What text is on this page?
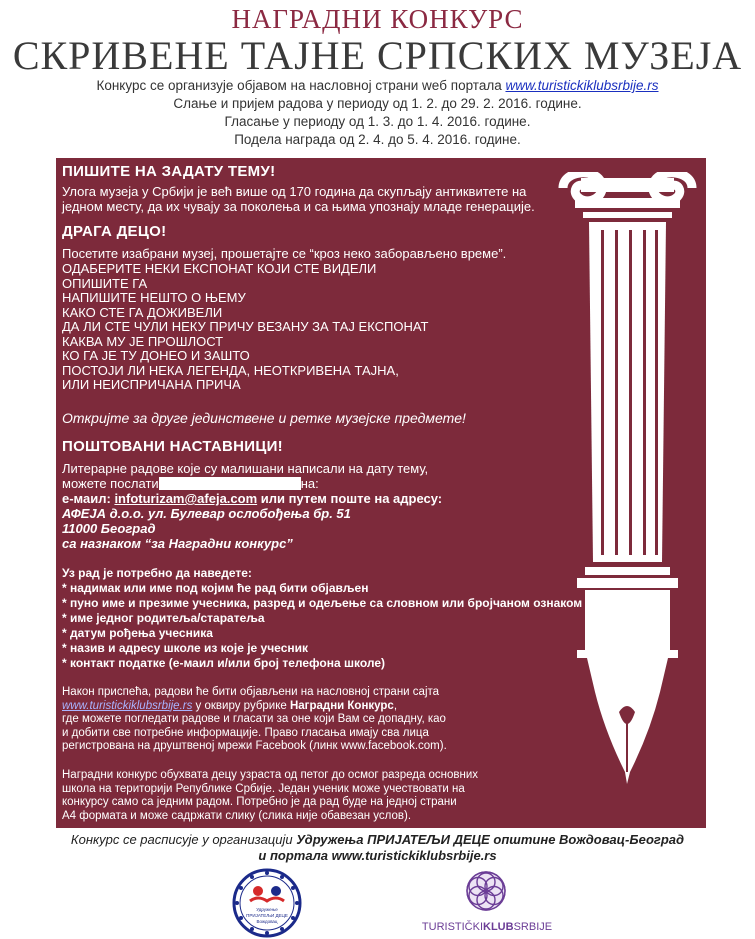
НАГРАДНИ КОНКУРС
СКРИВЕНЕ ТАЈНЕ СРПСКИХ МУЗЕЈА
Конкурс се организује објавом на насловној страни weб портала www.turistickiklubsrbije.rs
Слање и пријем радова у периоду од 1. 2. до 29. 2. 2016. године.
Гласање у периоду од 1. 3. до 1. 4. 2016. године.
Подела награда од 2. 4. до 5. 4. 2016. године.
ПИШИТЕ НА ЗАДАТУ ТЕМУ!
Улога музеја у Србији је већ више од 170 година да скупљају антиквитете на
једном месту, да их чувају за поколења и са њима упознају младе генерације.
ДРАГА ДЕЦО!
Посетите изабрани музеј, прошетајте се “кроз неко заборављено време”.
ОДАБЕРИТЕ НЕКИ ЕКСПОНАТ КОЈИ СТЕ ВИДЕЛИ
ОПИШИТЕ ГА
НАПИШИТЕ НЕШТО О ЊЕМУ
КАКО СТЕ ГА ДОЖИВЕЛИ
ДА ЛИ СТЕ ЧУЛИ НЕКУ ПРИЧУ ВЕЗАНУ ЗА ТАЈ ЕКСПОНАТ
КАКВА МУ ЈЕ ПРОШЛОСТ
КО ГА ЈЕ ТУ ДОНЕО И ЗАШТО
ПОСТОЈИ ЛИ НЕКА ЛЕГЕНДА, НЕОТКРИВЕНА ТАЈНА,
ИЛИ НЕИСПРИЧАНА ПРИЧА
Откријте за друге јединствене и ретке музејске предмете!
ПОШТОВАНИ НАСТАВНИЦИ!
Литерарне радове које су малишани написали на дату тему,
можете послати	на:
е-маил: infoturizam@afeja.com или путем поште на адресу:
АФЕЈА д.о.о. ул. Булевар ослобођења бр. 51
11000 Београд
са назнаком “за Наградни конкурс”
Уз рад је потребно да наведете:
* надимак или име под којим ће рад бити објављен
* пуно име и презиме учесника, разред и одељење са словном или бројчаном ознаком
* име једног родитеља/старатеља
* датум рођења учесника
* назив и адресу школе из које је учесник
* контакт податке (е-маил и/или број телефона школе)
Након приспећа, радови ће бити објављени на насловној страни сајта
www.turistickiklubsrbije.rs у оквиру рубрике Наградни Конкурс,
где можете погледати радове и гласати за оне који Вам се допадну, као
и добити све потребне информације. Право гласања имају сва лица
регистрована на друштвеној мрежи Facebook (линк www.facebook.com).
Наградни конкурс обухвата децу узраста од петог до осмог разреда основних
школа на територији Републике Србије. Један ученик може учествовати на
конкурсу само са једним радом. Потребно је да рад буде на једној страни
А4 формата и може садржати слику (слика није обавезан услов).
Конкурс се расписује у организацији Удружења ПРИЈАТЕЉИ ДЕЦЕ општине Вождовац-Београд
и портала www.turistickiklubsrbije.rs
Удружење
ПРИЈАТЕЉИ ДЕЦЕ
Вождовац	TURISTIČKIKLUBSRBIJE
